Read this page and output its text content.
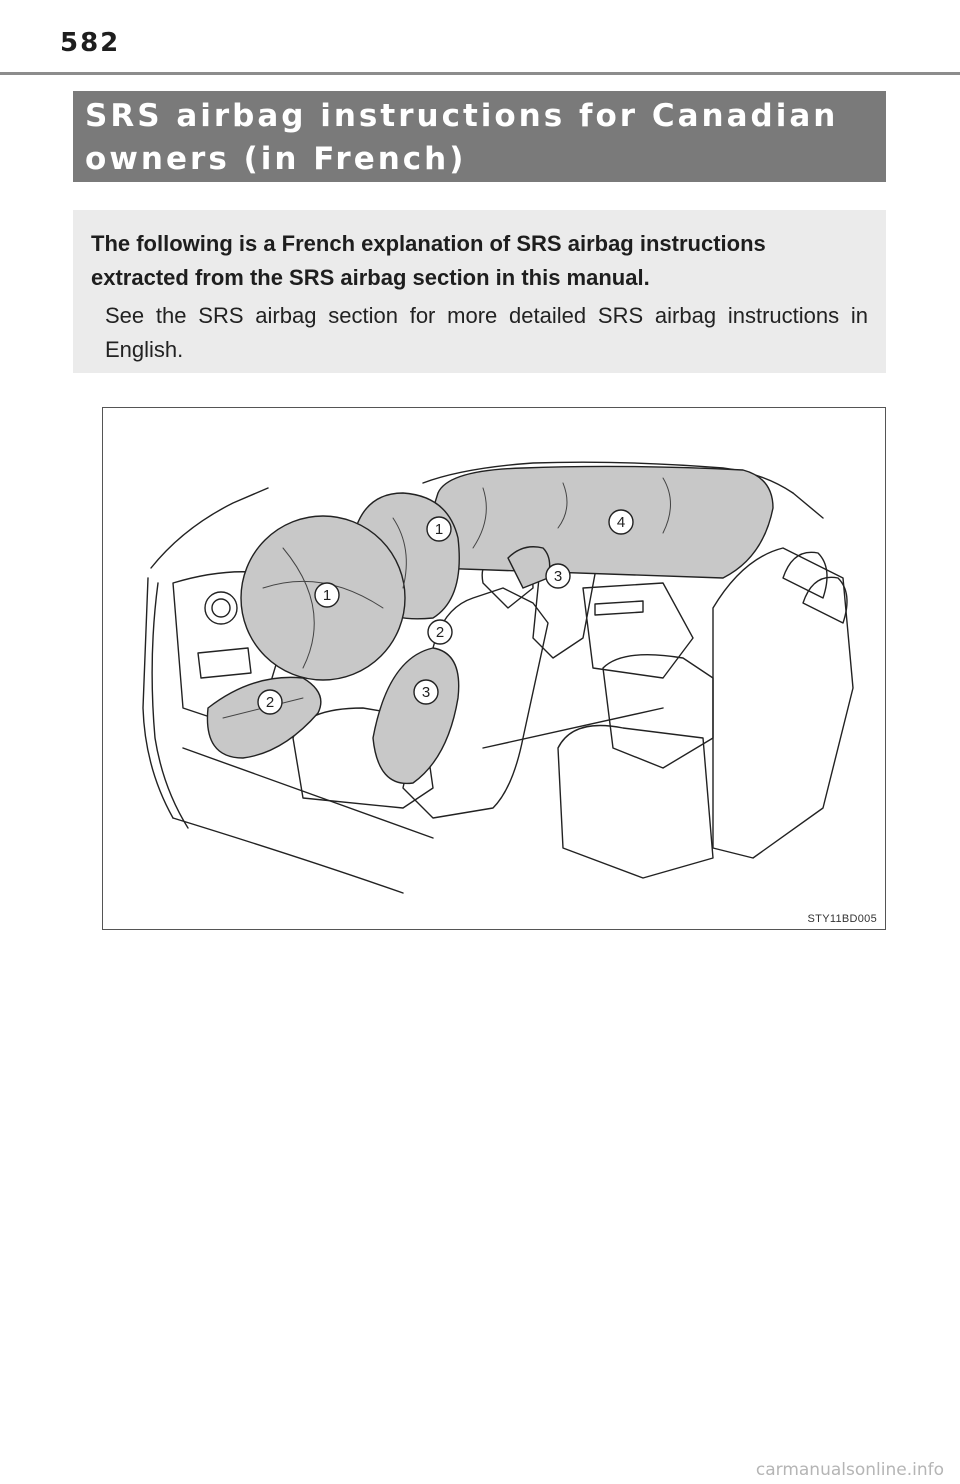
582
SRS airbag instructions for Canadian
owners (in French)

The following is a French explanation of SRS airbag instructions extracted from the SRS airbag section in this manual.

See the SRS airbag section for more detailed SRS airbag instructions in English.

1
1
2
2
3
3
4
STY11BD005
carmanualsonline.info
